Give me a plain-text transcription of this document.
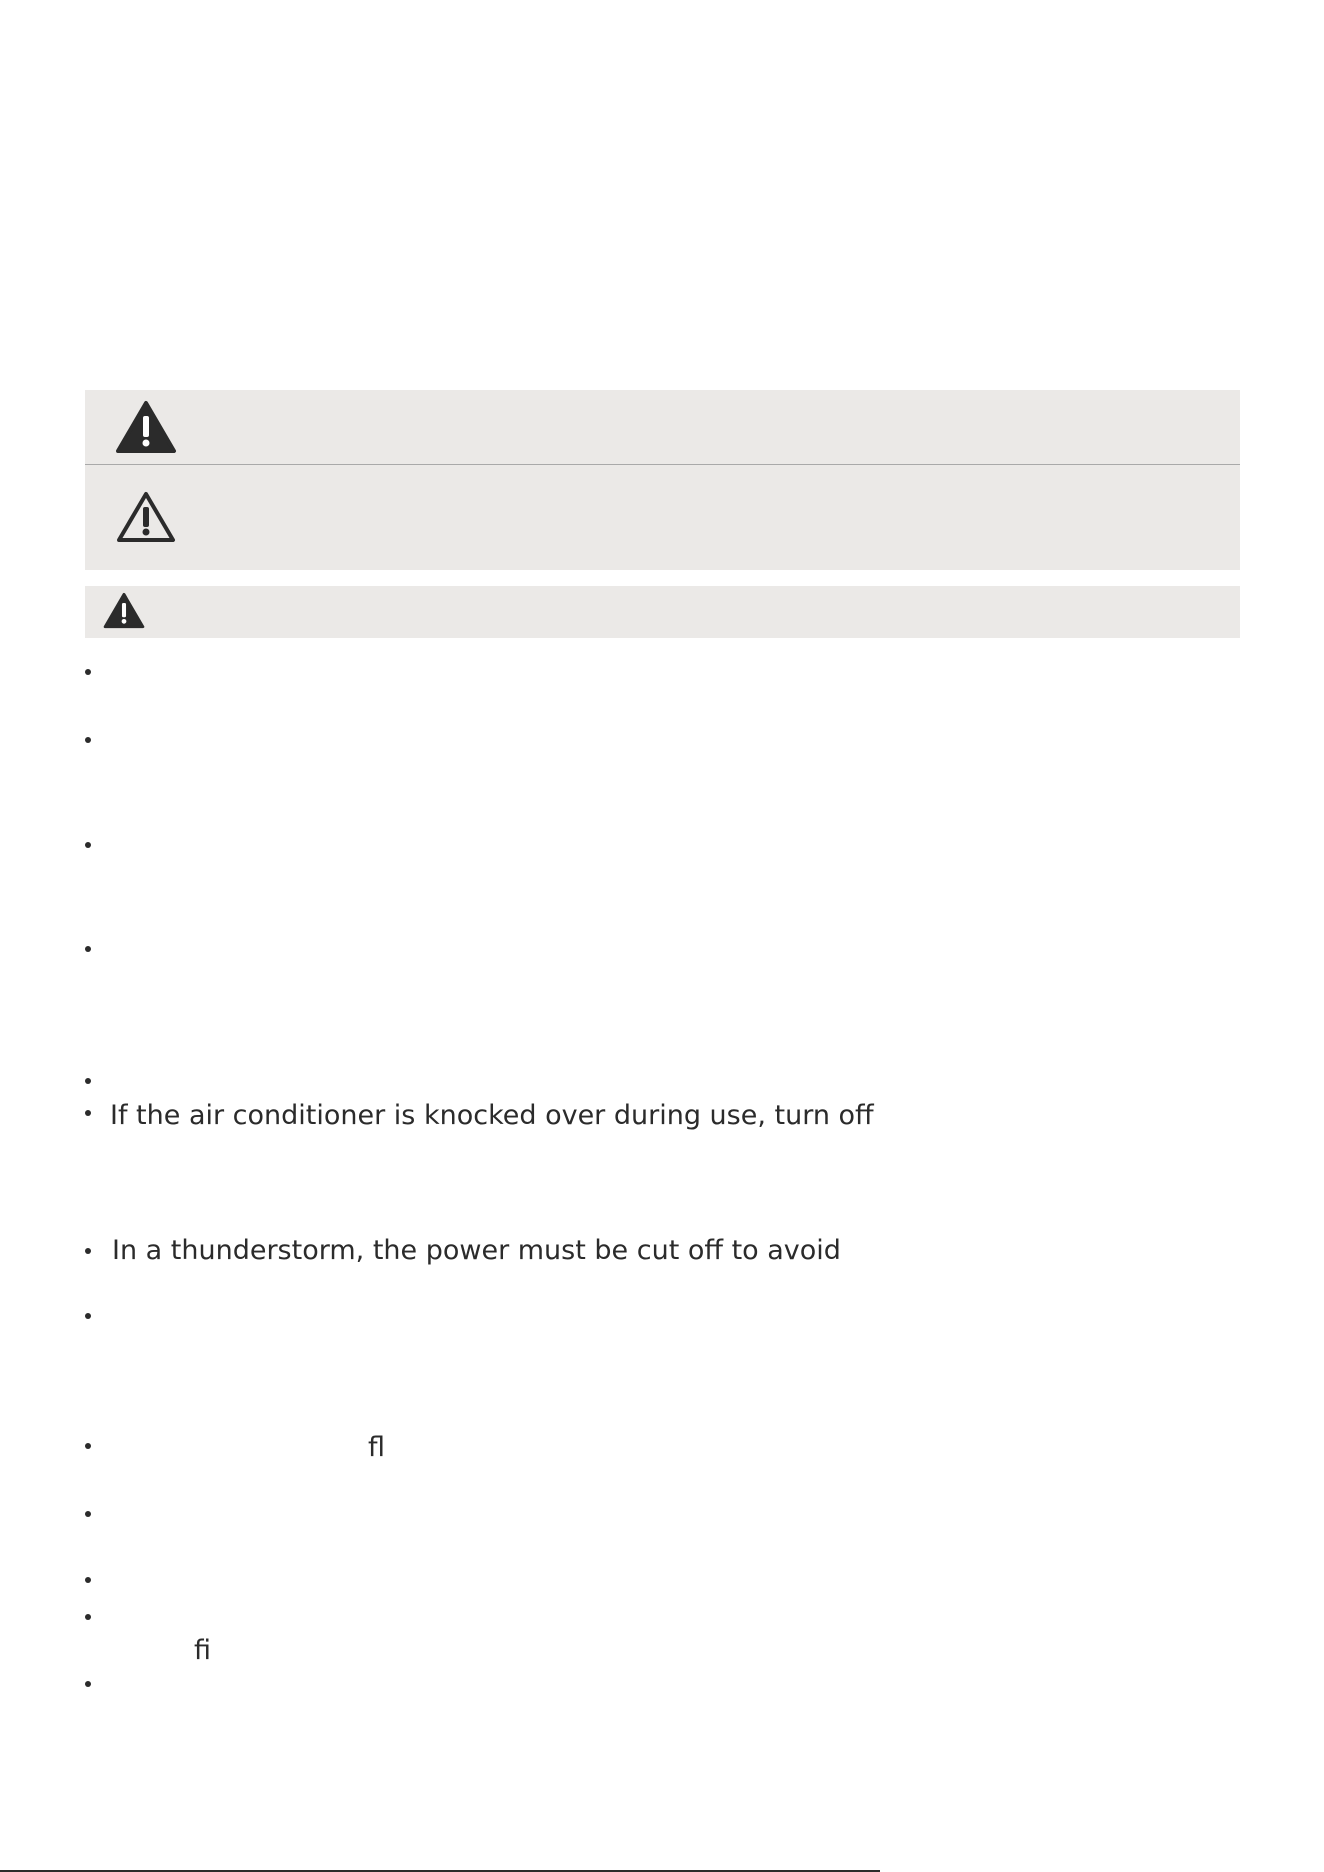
If the air conditioner is knocked over during use, turn off
In a thunderstorm, the power must be cut off to avoid
fl
fi
